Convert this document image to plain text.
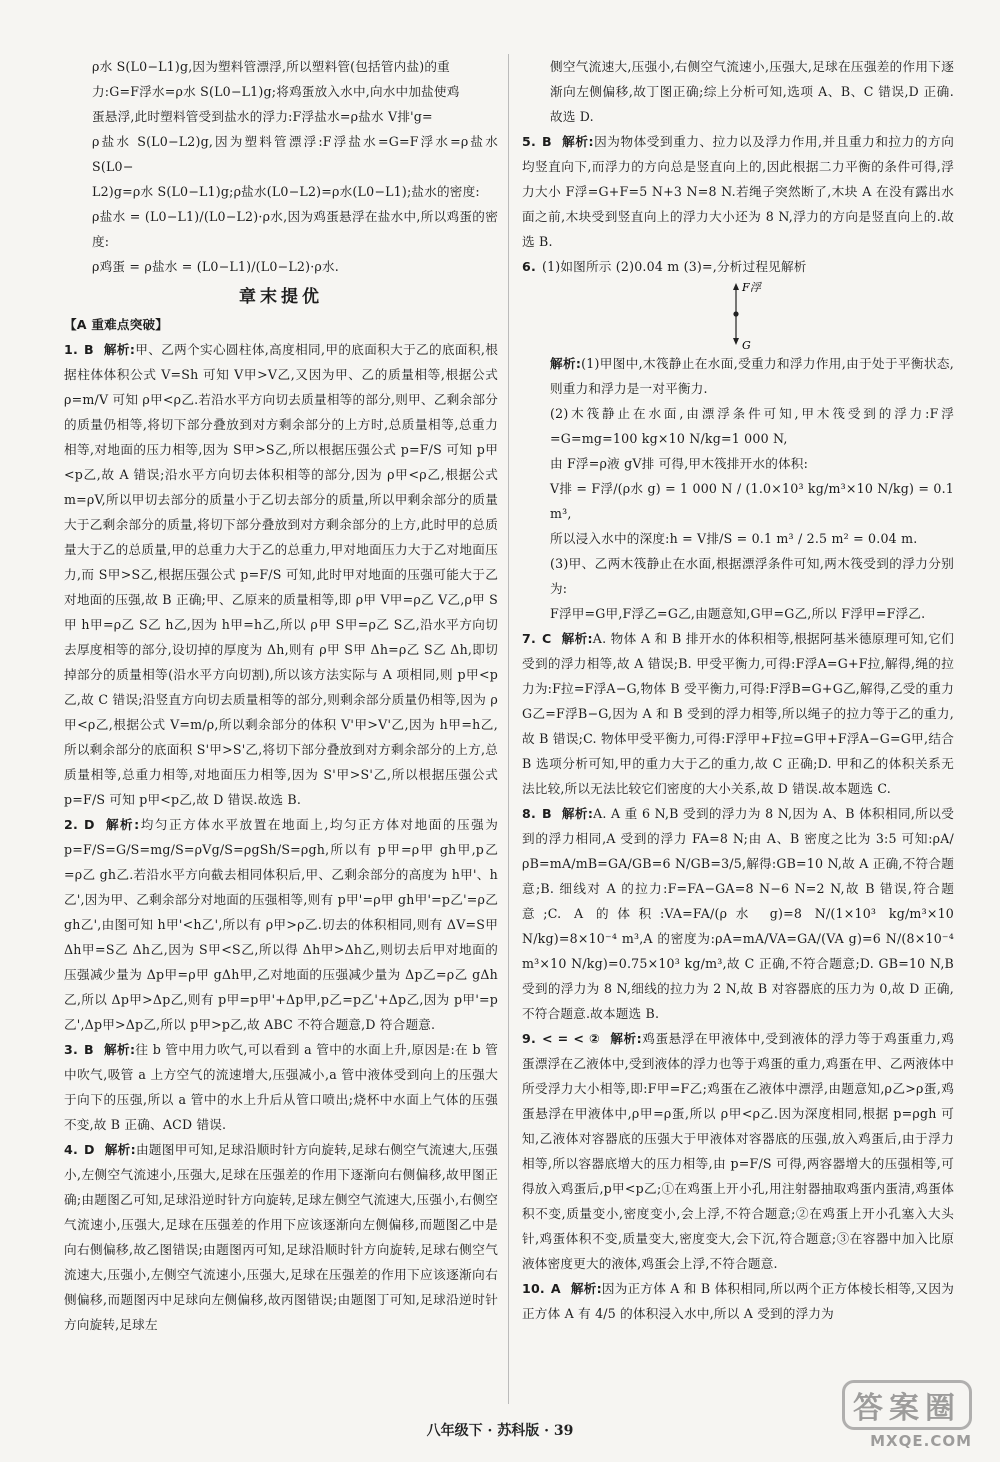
ρ水 S(L0−L1)g,因为塑料管漂浮,所以塑料管(包括管内盐)的重

力:G=F浮水=ρ水 S(L0−L1)g;将鸡蛋放入水中,向水中加盐使鸡

蛋悬浮,此时塑料管受到盐水的浮力:F浮盐水=ρ盐水 V排'g=

ρ盐水 S(L0−L2)g,因为塑料管漂浮:F浮盐水=G=F浮水=ρ盐水 S(L0−

L2)g=ρ水 S(L0−L1)g;ρ盐水(L0−L2)=ρ水(L0−L1);盐水的密度:

ρ盐水 = (L0−L1)/(L0−L2)·ρ水,因为鸡蛋悬浮在盐水中,所以鸡蛋的密度:

ρ鸡蛋 = ρ盐水 = (L0−L1)/(L0−L2)·ρ水.

章末提优
【A 重难点突破】

1. B 解析:甲、乙两个实心圆柱体,高度相同,甲的底面积大于乙的底面积,根据柱体体积公式 V=Sh 可知 V甲>V乙,又因为甲、乙的质量相等,根据公式 ρ=m/V 可知 ρ甲<ρ乙.若沿水平方向切去质量相等的部分,则甲、乙剩余部分的质量仍相等,将切下部分叠放到对方剩余部分的上方时,总质量相等,总重力相等,对地面的压力相等,因为 S甲>S乙,所以根据压强公式 p=F/S 可知 p甲<p乙,故 A 错误;沿水平方向切去体积相等的部分,因为 ρ甲<ρ乙,根据公式 m=ρV,所以甲切去部分的质量小于乙切去部分的质量,所以甲剩余部分的质量大于乙剩余部分的质量,将切下部分叠放到对方剩余部分的上方,此时甲的总质量大于乙的总质量,甲的总重力大于乙的总重力,甲对地面压力大于乙对地面压力,而 S甲>S乙,根据压强公式 p=F/S 可知,此时甲对地面的压强可能大于乙对地面的压强,故 B 正确;甲、乙原来的质量相等,即 ρ甲 V甲=ρ乙 V乙,ρ甲 S甲 h甲=ρ乙 S乙 h乙,因为 h甲=h乙,所以 ρ甲 S甲=ρ乙 S乙,沿水平方向切去厚度相等的部分,设切掉的厚度为 Δh,则有 ρ甲 S甲 Δh=ρ乙 S乙 Δh,即切掉部分的质量相等(沿水平方向切割),所以该方法实际与 A 项相同,则 p甲<p乙,故 C 错误;沿竖直方向切去质量相等的部分,则剩余部分质量仍相等,因为 ρ甲<ρ乙,根据公式 V=m/ρ,所以剩余部分的体积 V'甲>V'乙,因为 h甲=h乙,所以剩余部分的底面积 S'甲>S'乙,将切下部分叠放到对方剩余部分的上方,总质量相等,总重力相等,对地面压力相等,因为 S'甲>S'乙,所以根据压强公式 p=F/S 可知 p甲<p乙,故 D 错误.故选 B.

2. D 解析:均匀正方体水平放置在地面上,均匀正方体对地面的压强为 p=F/S=G/S=mg/S=ρVg/S=ρgSh/S=ρgh,所以有 p甲=ρ甲 gh甲,p乙=ρ乙 gh乙.若沿水平方向截去相同体积后,甲、乙剩余部分的高度为 h甲'、h乙',因为甲、乙剩余部分对地面的压强相等,则有 p甲'=ρ甲 gh甲'=p乙'=ρ乙 gh乙',由图可知 h甲'<h乙',所以有 ρ甲>ρ乙.切去的体积相同,则有 ΔV=S甲 Δh甲=S乙 Δh乙,因为 S甲<S乙,所以得 Δh甲>Δh乙,则切去后甲对地面的压强减少量为 Δp甲=ρ甲 gΔh甲,乙对地面的压强减少量为 Δp乙=ρ乙 gΔh乙,所以 Δp甲>Δp乙,则有 p甲=p甲'+Δp甲,p乙=p乙'+Δp乙,因为 p甲'=p乙',Δp甲>Δp乙,所以 p甲>p乙,故 ABC 不符合题意,D 符合题意.

3. B 解析:往 b 管中用力吹气,可以看到 a 管中的水面上升,原因是:在 b 管中吹气,吸管 a 上方空气的流速增大,压强减小,a 管中液体受到向上的压强大于向下的压强,所以 a 管中的水上升后从管口喷出;烧杯中水面上气体的压强不变,故 B 正确、ACD 错误.

4. D 解析:由题图甲可知,足球沿顺时针方向旋转,足球右侧空气流速大,压强小,左侧空气流速小,压强大,足球在压强差的作用下逐渐向右侧偏移,故甲图正确;由题图乙可知,足球沿逆时针方向旋转,足球左侧空气流速大,压强小,右侧空气流速小,压强大,足球在压强差的作用下应该逐渐向左侧偏移,而题图乙中是向右侧偏移,故乙图错误;由题图丙可知,足球沿顺时针方向旋转,足球右侧空气流速大,压强小,左侧空气流速小,压强大,足球在压强差的作用下应该逐渐向右侧偏移,而题图丙中足球向左侧偏移,故丙图错误;由题图丁可知,足球沿逆时针方向旋转,足球左

侧空气流速大,压强小,右侧空气流速小,压强大,足球在压强差的作用下逐渐向左侧偏移,故丁图正确;综上分析可知,选项 A、B、C 错误,D 正确.故选 D.

5. B 解析:因为物体受到重力、拉力以及浮力作用,并且重力和拉力的方向均竖直向下,而浮力的方向总是竖直向上的,因此根据二力平衡的条件可得,浮力大小 F浮=G+F=5 N+3 N=8 N.若绳子突然断了,木块 A 在没有露出水面之前,木块受到竖直向上的浮力大小还为 8 N,浮力的方向是竖直向上的.故选 B.

6. (1)如图所示 (2)0.04 m (3)=,分析过程见解析

F浮
G

解析:(1)甲图中,木筏静止在水面,受重力和浮力作用,由于处于平衡状态,则重力和浮力是一对平衡力.

(2)木筏静止在水面,由漂浮条件可知,甲木筏受到的浮力:F浮=G=mg=100 kg×10 N/kg=1 000 N,

由 F浮=ρ液 gV排 可得,甲木筏排开水的体积:

V排 = F浮/(ρ水 g) = 1 000 N / (1.0×10³ kg/m³×10 N/kg) = 0.1 m³,

所以浸入水中的深度:h = V排/S = 0.1 m³ / 2.5 m² = 0.04 m.

(3)甲、乙两木筏静止在水面,根据漂浮条件可知,两木筏受到的浮力分别为:

F浮甲=G甲,F浮乙=G乙,由题意知,G甲=G乙,所以 F浮甲=F浮乙.

7. C 解析:A. 物体 A 和 B 排开水的体积相等,根据阿基米德原理可知,它们受到的浮力相等,故 A 错误;B. 甲受平衡力,可得:F浮A=G+F拉,解得,绳的拉力为:F拉=F浮A−G,物体 B 受平衡力,可得:F浮B=G+G乙,解得,乙受的重力 G乙=F浮B−G,因为 A 和 B 受到的浮力相等,所以绳子的拉力等于乙的重力,故 B 错误;C. 物体甲受平衡力,可得:F浮甲+F拉=G甲+F浮A−G=G甲,结合 B 选项分析可知,甲的重力大于乙的重力,故 C 正确;D. 甲和乙的体积关系无法比较,所以无法比较它们密度的大小关系,故 D 错误.故本题选 C.

8. B 解析:A. A 重 6 N,B 受到的浮力为 8 N,因为 A、B 体积相同,所以受到的浮力相同,A 受到的浮力 FA=8 N;由 A、B 密度之比为 3:5 可知:ρA/ρB=mA/mB=GA/GB=6 N/GB=3/5,解得:GB=10 N,故 A 正确,不符合题意;B. 细线对 A 的拉力:F=FA−GA=8 N−6 N=2 N,故 B 错误,符合题意;C. A 的体积:VA=FA/(ρ水 g)=8 N/(1×10³ kg/m³×10 N/kg)=8×10⁻⁴ m³,A 的密度为:ρA=mA/VA=GA/(VA g)=6 N/(8×10⁻⁴ m³×10 N/kg)=0.75×10³ kg/m³,故 C 正确,不符合题意;D. GB=10 N,B 受到的浮力为 8 N,细线的拉力为 2 N,故 B 对容器底的压力为 0,故 D 正确,不符合题意.故本题选 B.

9. < = < ② 解析:鸡蛋悬浮在甲液体中,受到液体的浮力等于鸡蛋重力,鸡蛋漂浮在乙液体中,受到液体的浮力也等于鸡蛋的重力,鸡蛋在甲、乙两液体中所受浮力大小相等,即:F甲=F乙;鸡蛋在乙液体中漂浮,由题意知,ρ乙>ρ蛋,鸡蛋悬浮在甲液体中,ρ甲=ρ蛋,所以 ρ甲<ρ乙.因为深度相同,根据 p=ρgh 可知,乙液体对容器底的压强大于甲液体对容器底的压强,放入鸡蛋后,由于浮力相等,所以容器底增大的压力相等,由 p=F/S 可得,两容器增大的压强相等,可得放入鸡蛋后,p甲<p乙;①在鸡蛋上开小孔,用注射器抽取鸡蛋内蛋清,鸡蛋体积不变,质量变小,密度变小,会上浮,不符合题意;②在鸡蛋上开小孔塞入大头针,鸡蛋体积不变,质量变大,密度变大,会下沉,符合题意;③在容器中加入比原液体密度更大的液体,鸡蛋会上浮,不符合题意.

10. A 解析:因为正方体 A 和 B 体积相同,所以两个正方体棱长相等,又因为正方体 A 有 4/5 的体积浸入水中,所以 A 受到的浮力为

八年级下 · 苏科版 · 39
答案圈
MXQE.COM
